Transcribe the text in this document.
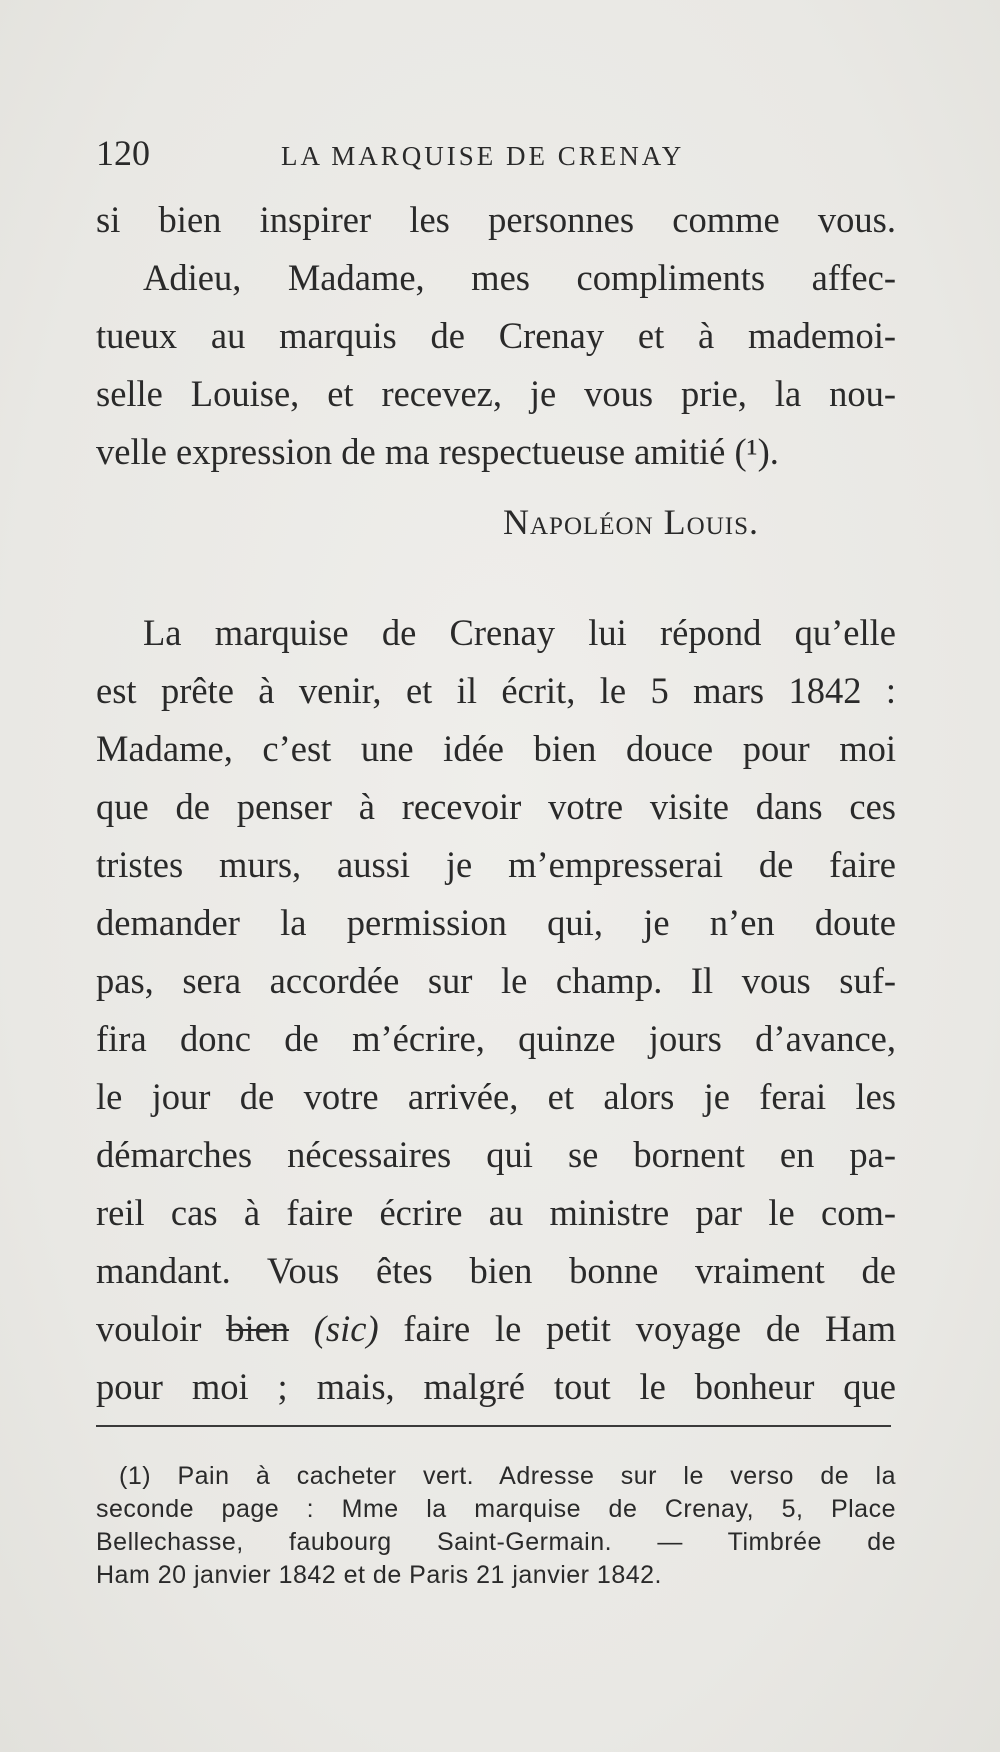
120	LA MARQUISE DE CRENAY
si bien inspirer les personnes comme vous.
Adieu, Madame, mes compliments affec-
tueux au marquis de Crenay et à mademoi-
selle Louise, et recevez, je vous prie, la nou-
velle expression de ma respectueuse amitié (¹).
Napoléon Louis.
La marquise de Crenay lui répond qu’elle
est prête à venir, et il écrit, le 5 mars 1842 :
Madame, c’est une idée bien douce pour moi
que de penser à recevoir votre visite dans ces
tristes murs, aussi je m’empresserai de faire
demander la permission qui, je n’en doute
pas, sera accordée sur le champ. Il vous suf-
fira donc de m’écrire, quinze jours d’avance,
le jour de votre arrivée, et alors je ferai les
démarches nécessaires qui se bornent en pa-
reil cas à faire écrire au ministre par le com-
mandant. Vous êtes bien bonne vraiment de
vouloir bien (sic) faire le petit voyage de Ham
pour moi ; mais, malgré tout le bonheur que
(1) Pain à cacheter vert. Adresse sur le verso de la
seconde page : Mme la marquise de Crenay, 5, Place
Bellechasse, faubourg Saint-Germain. — Timbrée de
Ham 20 janvier 1842 et de Paris 21 janvier 1842.
